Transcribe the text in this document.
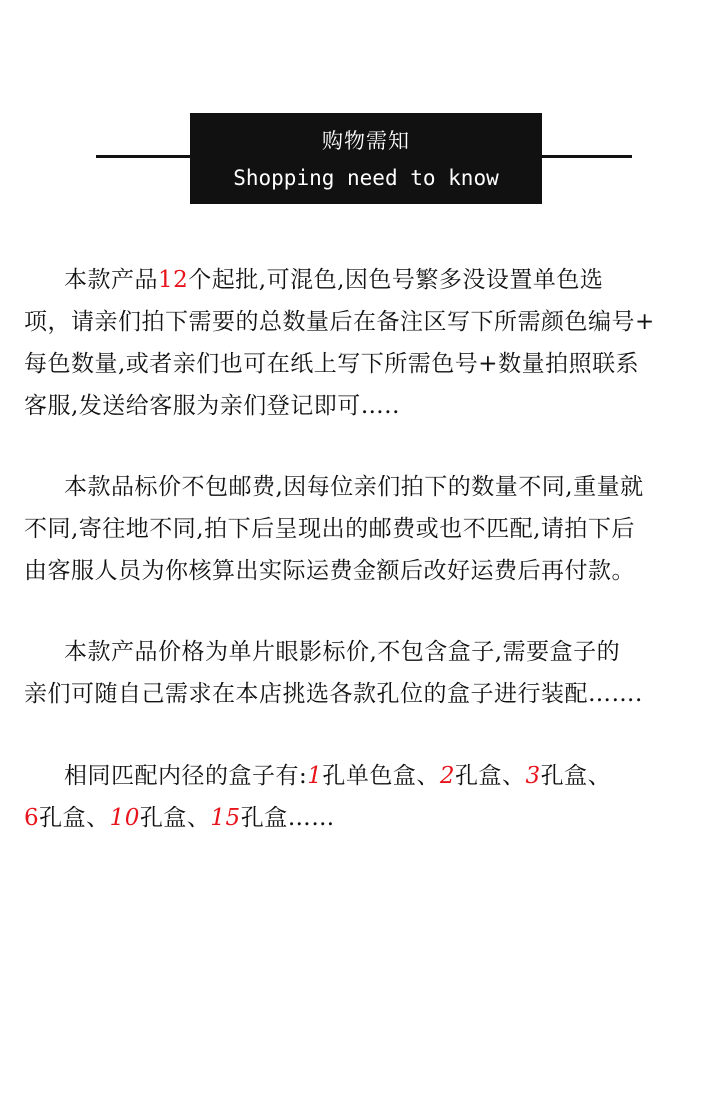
购物需知
Shopping need to know
本款产品12个起批,可混色,因色号繁多没设置单色选
项，请亲们拍下需要的总数量后在备注区写下所需颜色编号+
每色数量,或者亲们也可在纸上写下所需色号+数量拍照联系
客服,发送给客服为亲们登记即可…..
本款品标价不包邮费,因每位亲们拍下的数量不同,重量就
不同,寄往地不同,拍下后呈现出的邮费或也不匹配,请拍下后
由客服人员为你核算出实际运费金额后改好运费后再付款。
本款产品价格为单片眼影标价,不包含盒子,需要盒子的
亲们可随自己需求在本店挑选各款孔位的盒子进行装配…….
相同匹配内径的盒子有:1孔单色盒、2孔盒、3孔盒、
6孔盒、10孔盒、15孔盒……
